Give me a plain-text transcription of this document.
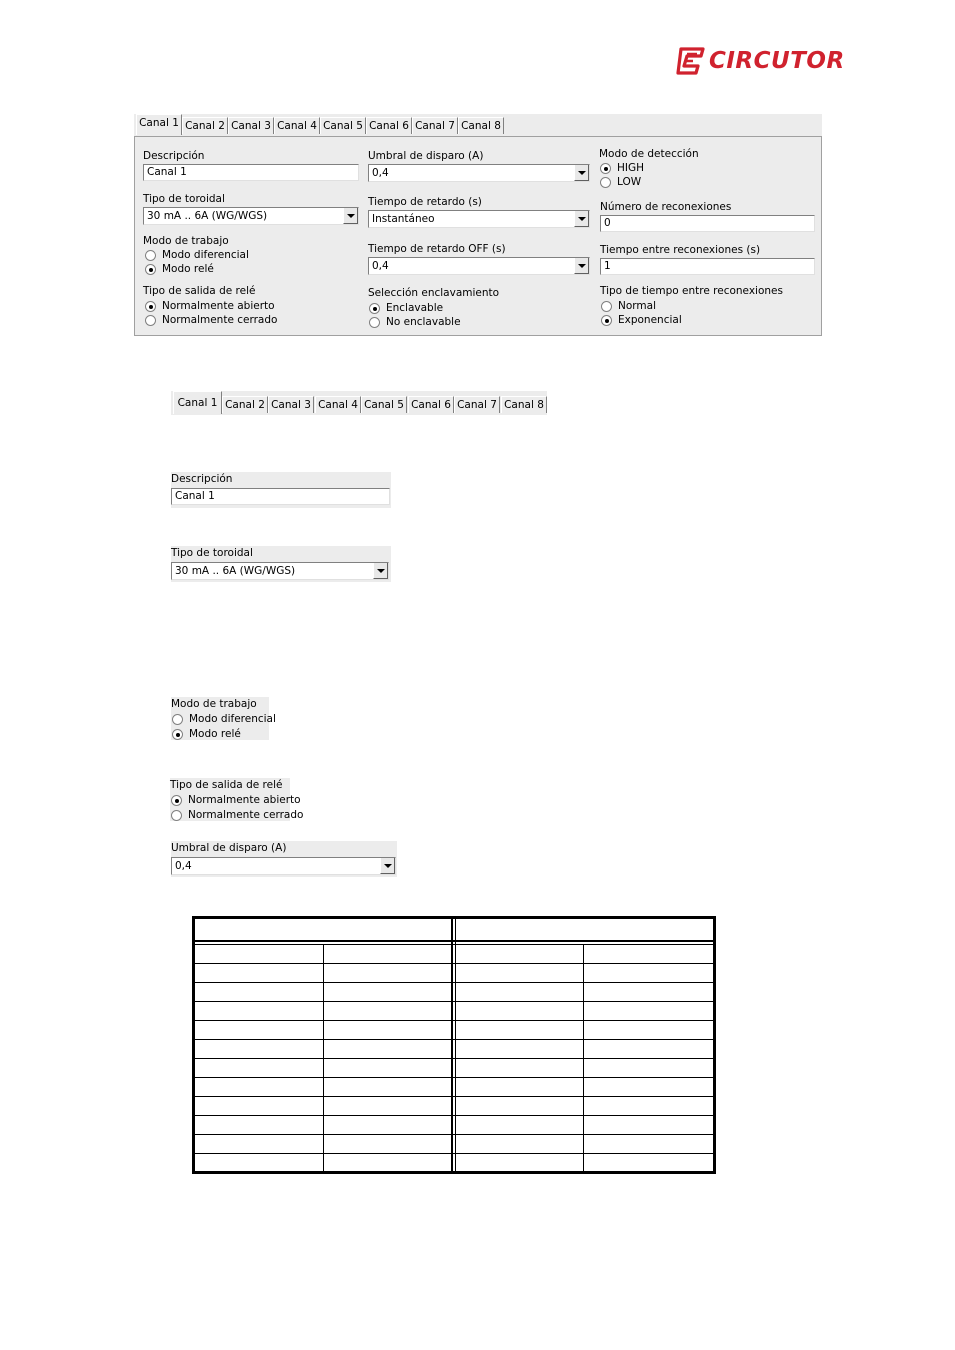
CIRCUTOR
Canal 1 Canal 2 Canal 3 Canal 4 Canal 5 Canal 6 Canal 7 Canal 8
Descripción
Canal 1
Tipo de toroidal
30 mA .. 6A (WG/WGS)
Modo de trabajo
Modo diferencial
Modo relé
Tipo de salida de relé
Normalmente abierto
Normalmente cerrado
Umbral de disparo (A)
0,4
Tiempo de retardo (s)
Instantáneo
Tiempo de retardo OFF (s)
0,4
Selección enclavamiento
Enclavable
No enclavable
Modo de detección
HIGH
LOW
Número de reconexiones
0
Tiempo entre reconexiones (s)
1
Tipo de tiempo entre reconexiones
Normal
Exponencial
Canal 1 Canal 2 Canal 3 Canal 4 Canal 5 Canal 6 Canal 7 Canal 8
Descripción
Canal 1
Tipo de toroidal
30 mA .. 6A (WG/WGS)
Modo de trabajo
Modo diferencial
Modo relé
Tipo de salida de relé
Normalmente abierto
Normalmente cerrado
Umbral de disparo (A)
0,4
